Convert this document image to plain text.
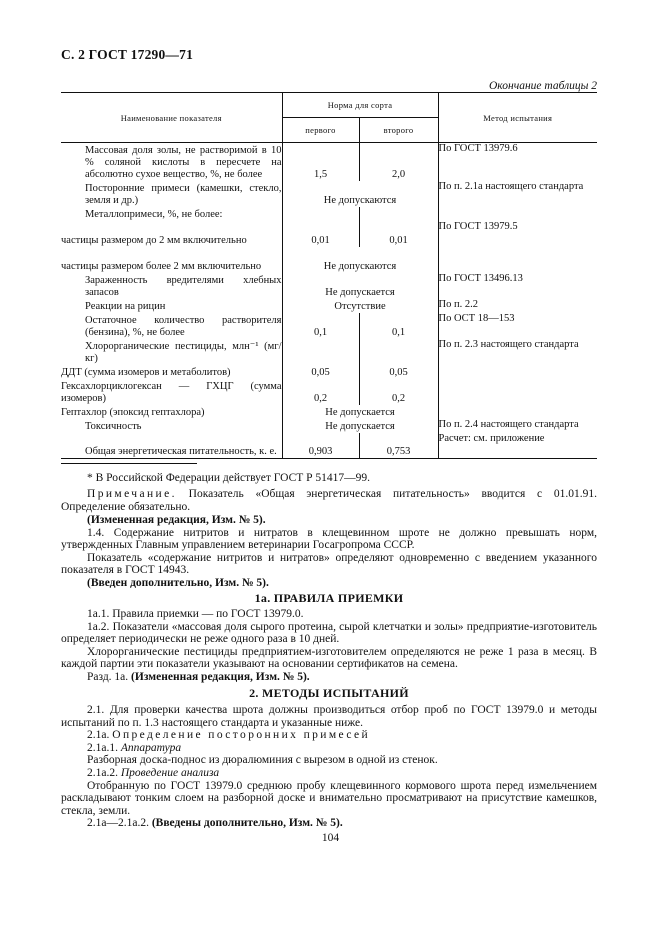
С. 2 ГОСТ 17290—71
Окончание таблицы 2
Наименование показателя	Норма для сорта		Метод испытания
	первого	второго	

Массовая доля золы, не растворимой в 10 % соляной кислоты в пересчете на абсолютно сухое вещество, %, не более	1,5	2,0	По ГОСТ 13979.6

Посторонние примеси (камешки, стекло, земля и др.)	Не допускаются		По п. 2.1а настоящего стандарта

Металлопримеси, %, не более:			

частицы размером до 2 мм включительно	0,01	0,01	По ГОСТ 13979.5

частицы размером более 2 мм включительно	Не допускаются		

Зараженность вредителями хлебных запасов	Не допускается		По ГОСТ 13496.13

Реакции на рицин	Отсутствие		По п. 2.2

Остаточное количество растворителя (бензина), %, не более	0,1	0,1	По ОСТ 18—153

Хлорорганические пестициды, млн⁻¹ (мг/кг)			По п. 2.3 настоящего стандарта

ДДТ (сумма изомеров и метаболитов)	0,05	0,05	

Гексахлорциклогексан — ГХЦГ (сумма изомеров)	0,2	0,2	

Гептахлор (эпоксид гептахлора)	Не допускается		

Токсичность	Не допускается		По п. 2.4 настоящего стандарта

Общая энергетическая питательность, к. е.	0,903	0,753	Расчет: см. приложение
* В Российской Федерации действует ГОСТ Р 51417—99.
Примечание. Показатель «Общая энергетическая питательность» вводится с 01.01.91. Определение обязательно.
(Измененная редакция, Изм. № 5).
1.4. Содержание нитритов и нитратов в клещевинном шроте не должно превышать норм, утвержденных Главным управлением ветеринарии Госагропрома СССР.
Показатель «содержание нитритов и нитратов» определяют одновременно с введением указанного показателя в ГОСТ 14943.
(Введен дополнительно, Изм. № 5).
1а. ПРАВИЛА ПРИЕМКИ
1а.1. Правила приемки — по ГОСТ 13979.0.
1а.2. Показатели «массовая доля сырого протеина, сырой клетчатки и золы» предприятие-изготовитель определяет периодически не реже одного раза в 10 дней.
Хлорорганические пестициды предприятием-изготовителем определяются не реже 1 раза в месяц. В каждой партии эти показатели указывают на основании сертификатов на семена.
Разд. 1а. (Измененная редакция, Изм. № 5).
2. МЕТОДЫ ИСПЫТАНИЙ
2.1. Для проверки качества шрота должны производиться отбор проб по ГОСТ 13979.0 и методы испытаний по п. 1.3 настоящего стандарта и указанные ниже.
2.1а. Определение посторонних примесей
2.1а.1. Аппаратура
Разборная доска-поднос из дюралюминия с вырезом в одной из стенок.
2.1а.2. Проведение анализа
Отобранную по ГОСТ 13979.0 среднюю пробу клещевинного кормового шрота перед измельчением раскладывают тонким слоем на разборной доске и внимательно просматривают на присутствие камешков, стекла, земли.
2.1а—2.1а.2. (Введены дополнительно, Изм. № 5).
104
